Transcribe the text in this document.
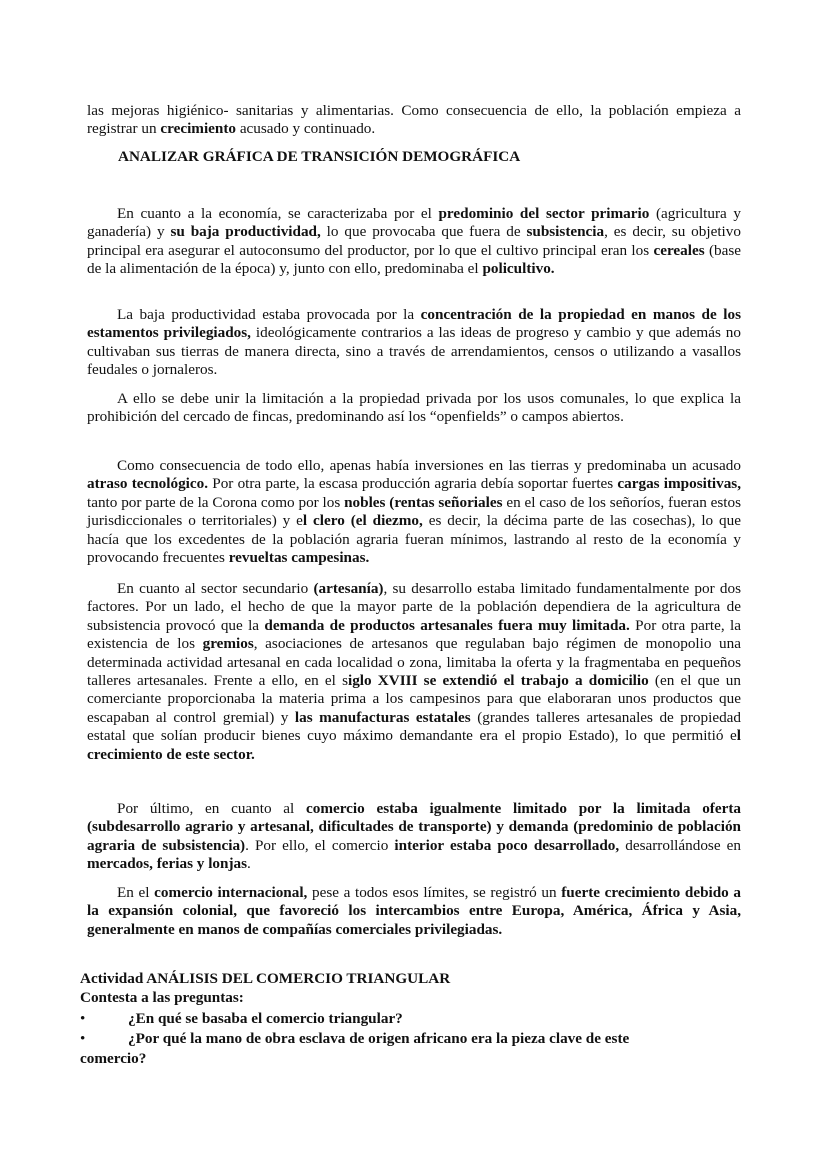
las mejoras higiénico- sanitarias y alimentarias. Como consecuencia de ello, la población empieza a registrar un crecimiento acusado y continuado.

ANALIZAR GRÁFICA DE TRANSICIÓN DEMOGRÁFICA

En cuanto a la economía, se caracterizaba por el predominio del sector primario (agricultura y ganadería) y su baja productividad, lo que provocaba que fuera de subsistencia, es decir, su objetivo principal era asegurar el autoconsumo del productor, por lo que el cultivo principal eran los cereales (base de la alimentación de la época) y, junto con ello, predominaba el policultivo.

La baja productividad estaba provocada por la concentración de la propiedad en manos de los estamentos privilegiados, ideológicamente contrarios a las ideas de progreso y cambio y que además no cultivaban sus tierras de manera directa, sino a través de arrendamientos, censos o utilizando a vasallos feudales o jornaleros.

A ello se debe unir la limitación a la propiedad privada por los usos comunales, lo que explica la prohibición del cercado de fincas, predominando así los “openfields” o campos abiertos.

Como consecuencia de todo ello, apenas había inversiones en las tierras y predominaba un acusado atraso tecnológico. Por otra parte, la escasa producción agraria debía soportar fuertes cargas impositivas, tanto por parte de la Corona como por los nobles (rentas señoriales en el caso de los señoríos, fueran estos jurisdiccionales o territoriales) y el clero (el diezmo, es decir, la décima parte de las cosechas), lo que hacía que los excedentes de la población agraria fueran mínimos, lastrando al resto de la economía y provocando frecuentes revueltas campesinas.

En cuanto al sector secundario (artesanía), su desarrollo estaba limitado fundamentalmente por dos factores. Por un lado, el hecho de que la mayor parte de la población dependiera de la agricultura de subsistencia provocó que la demanda de productos artesanales fuera muy limitada. Por otra parte, la existencia de los gremios, asociaciones de artesanos que regulaban bajo régimen de monopolio una determinada actividad artesanal en cada localidad o zona, limitaba la oferta y la fragmentaba en pequeños talleres artesanales. Frente a ello, en el siglo XVIII se extendió el trabajo a domicilio (en el que un comerciante proporcionaba la materia prima a los campesinos para que elaboraran unos productos que escapaban al control gremial) y las manufacturas estatales (grandes talleres artesanales de propiedad estatal que solían producir bienes cuyo máximo demandante era el propio Estado), lo que permitió el crecimiento de este sector.

Por último, en cuanto al comercio estaba igualmente limitado por la limitada oferta (subdesarrollo agrario y artesanal, dificultades de transporte) y demanda (predominio de población agraria de subsistencia). Por ello, el comercio interior estaba poco desarrollado, desarrollándose en mercados, ferias y lonjas.

En el comercio internacional, pese a todos esos límites, se registró un fuerte crecimiento debido a la expansión colonial, que favoreció los intercambios entre Europa, América, África y Asia, generalmente en manos de compañías comerciales privilegiadas.

Actividad ANÁLISIS DEL COMERCIO TRIANGULAR

Contesta a las preguntas:

•	¿En qué se basaba el comercio triangular?

•	¿Por qué la mano de obra esclava de origen africano era la pieza clave de este

comercio?
